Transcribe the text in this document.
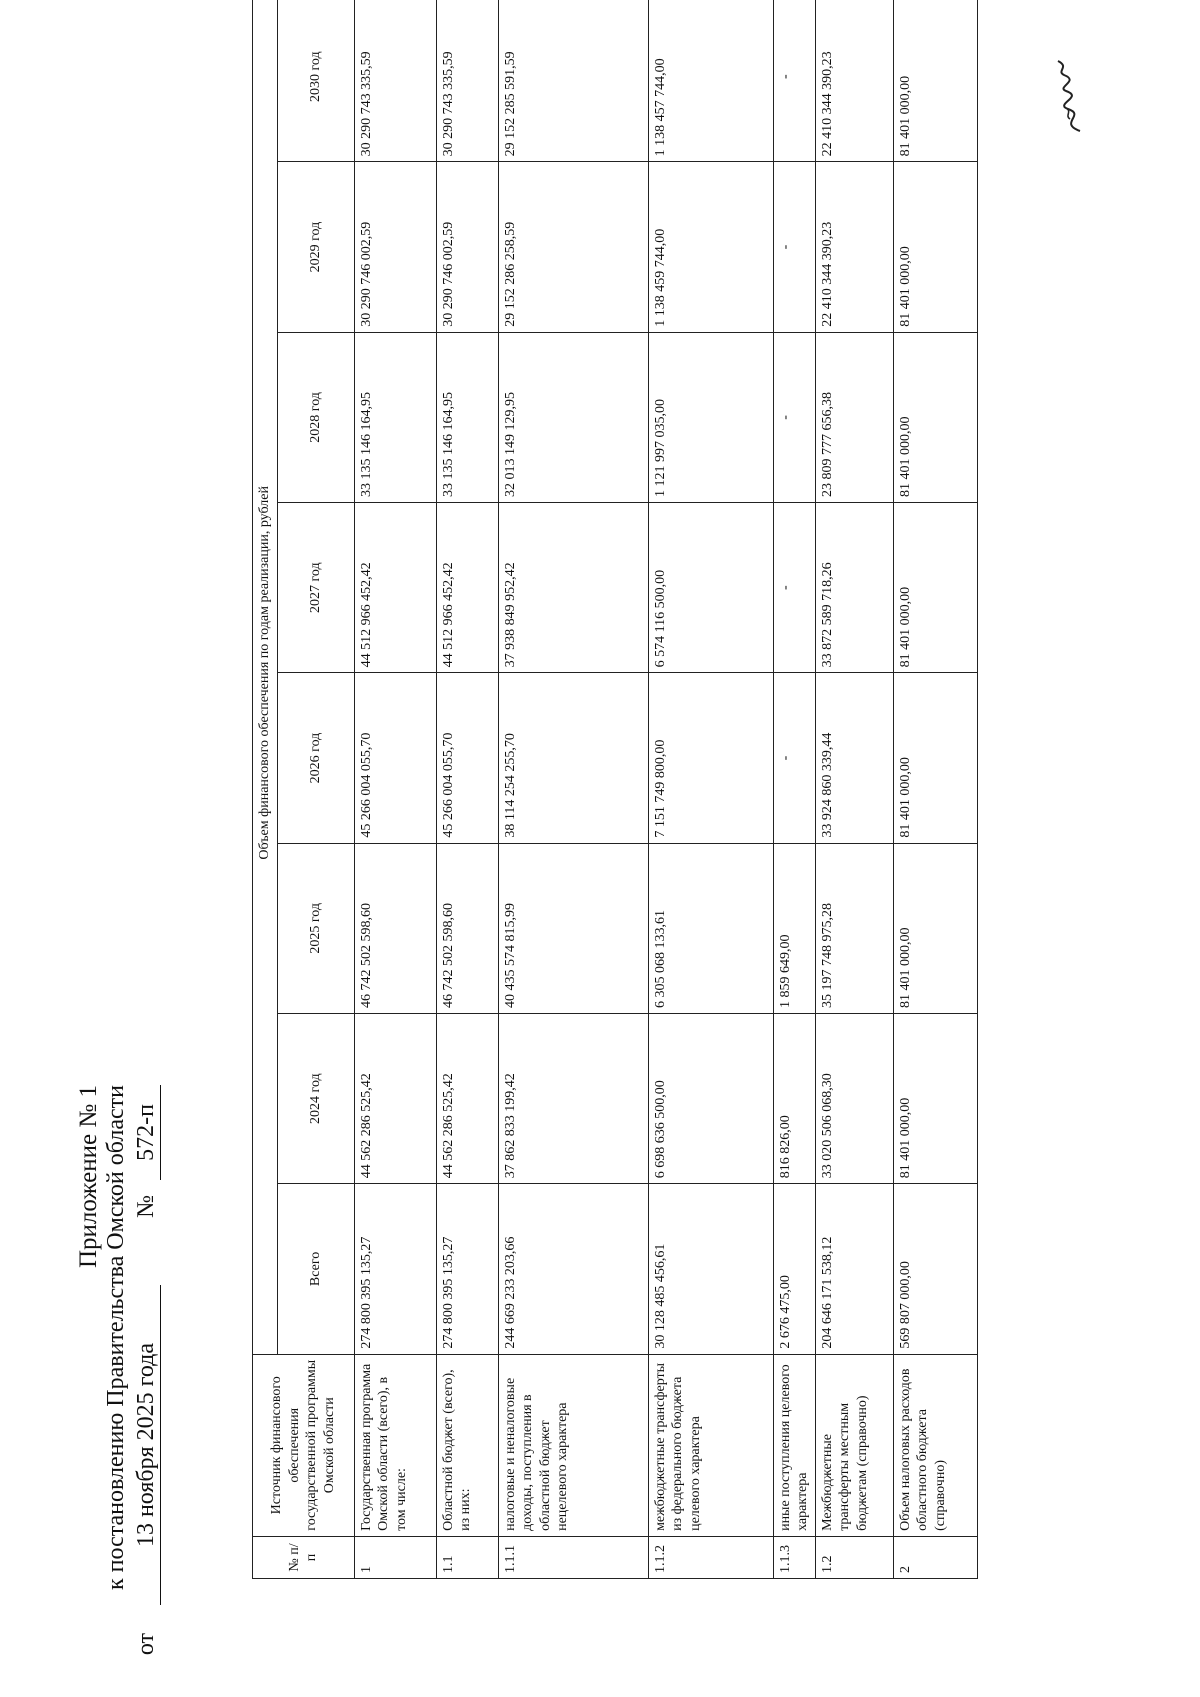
Приложение № 1 к постановлению Правительства Омской области
от
13 ноября 2025 года
№
572-п
№ п/п	Источник финансового обеспечения государственной программы Омской области	Объем финансового обеспечения по годам реализации, рублей							
		Всего	2024 год	2025 год	2026 год	2027 год	2028 год	2029 год	2030 год
1	Государственная программа Омской области (всего), в том числе:	274 800 395 135,27	44 562 286 525,42	46 742 502 598,60	45 266 004 055,70	44 512 966 452,42	33 135 146 164,95	30 290 746 002,59	30 290 743 335,59
1.1	Областной бюджет (всего), из них:	274 800 395 135,27	44 562 286 525,42	46 742 502 598,60	45 266 004 055,70	44 512 966 452,42	33 135 146 164,95	30 290 746 002,59	30 290 743 335,59
1.1.1	налоговые и неналоговые доходы, поступления в областной бюджет нецелевого характера	244 669 233 203,66	37 862 833 199,42	40 435 574 815,99	38 114 254 255,70	37 938 849 952,42	32 013 149 129,95	29 152 286 258,59	29 152 285 591,59
1.1.2	межбюджетные трансферты из федерального бюджета целевого характера	30 128 485 456,61	6 698 636 500,00	6 305 068 133,61	7 151 749 800,00	6 574 116 500,00	1 121 997 035,00	1 138 459 744,00	1 138 457 744,00
1.1.3	иные поступления целевого характера	2 676 475,00	816 826,00	1 859 649,00	-	-	-	-	-
1.2	Межбюджетные трансферты местным бюджетам (справочно)	204 646 171 538,12	33 020 506 068,30	35 197 748 975,28	33 924 860 339,44	33 872 589 718,26	23 809 777 656,38	22 410 344 390,23	22 410 344 390,23
2	Объем налоговых расходов областного бюджета (справочно)	569 807 000,00	81 401 000,00	81 401 000,00	81 401 000,00	81 401 000,00	81 401 000,00	81 401 000,00	81 401 000,00
